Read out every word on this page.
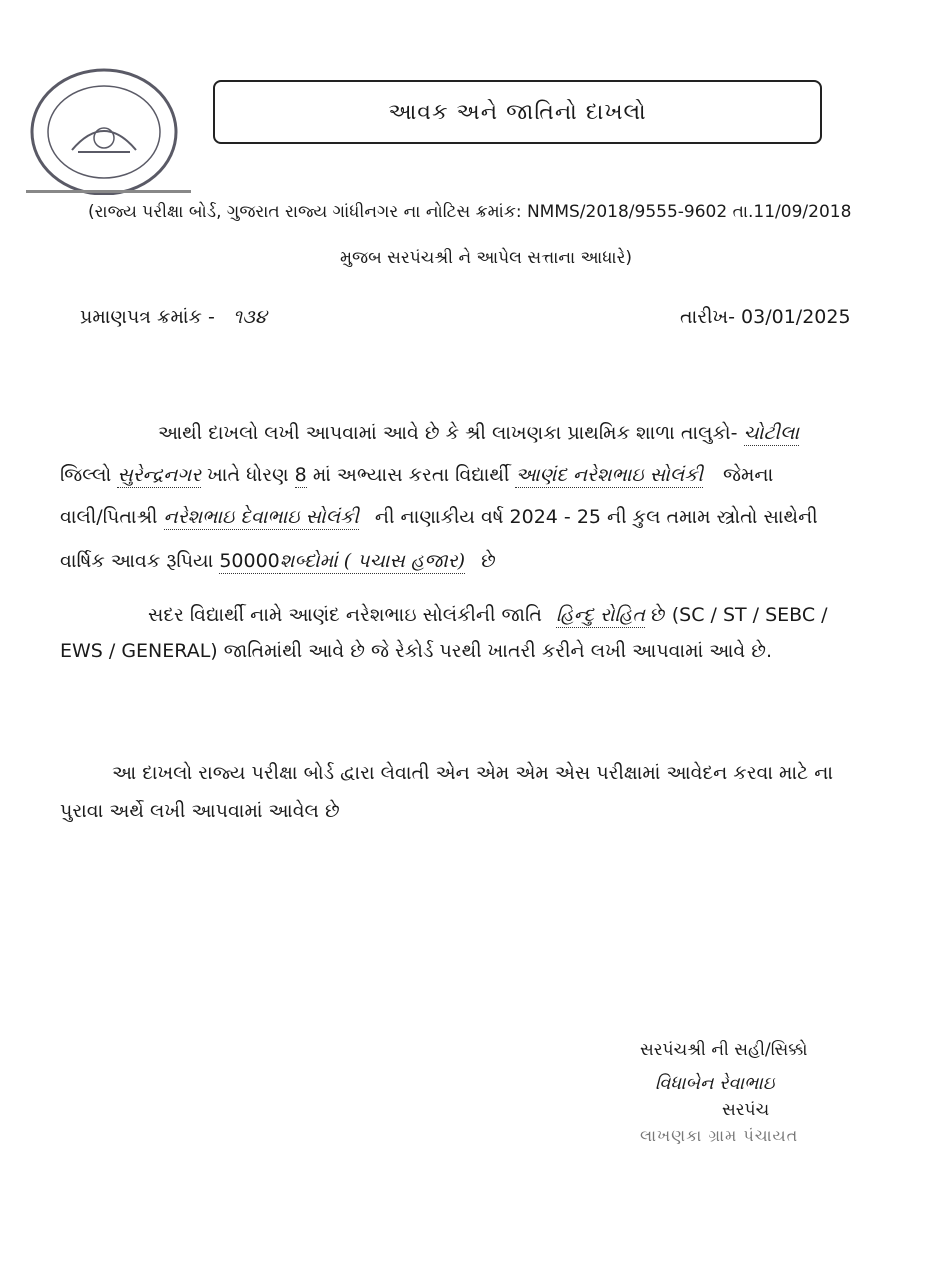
આવક અને જાતિનો દાખલો
(રાજ્ય પરીક્ષા બોર્ડ, ગુજરાત રાજ્ય ગાંધીનગર ના નોટિસ ક્રમાંક: NMMS/2018/9555-9602 તા.11/09/2018
મુજબ સરપંચશ્રી ને આપેલ સત્તાના આધારે)
પ્રમાણપત્ર ક્રમાંક - ૧૩૪	તારીખ- 03/01/2025
આથી દાખલો લખી આપવામાં આવે છે કે શ્રી લાખણકા પ્રાથમિક શાળા તાલુકો- ચોટીલા
જિલ્લો સુરેન્દ્રનગર ખાતે ધોરણ 8 માં અભ્યાસ કરતા વિદ્યાર્થી આણંદ નરેશભાઇ સોલંકી જેમના
વાલી/પિતાશ્રી નરેશભાઇ દેવાભાઇ સોલંકી ની નાણાકીય વર્ષ 2024 - 25 ની કુલ તમામ સ્ત્રોતો સાથેની
વાર્ષિક આવક રૂપિયા 50000શબ્દોમાં ( પચાસ હજાર) છે
સદર વિદ્યાર્થી નામે આણંદ નરેશભાઇ સોલંકીની જાતિ હિન્દુ રોહિત છે (SC / ST / SEBC /
EWS / GENERAL) જાતિમાંથી આવે છે જે રેકોર્ડ પરથી ખાતરી કરીને લખી આપવામાં આવે છે.
આ દાખલો રાજ્ય પરીક્ષા બોર્ડ દ્વારા લેવાતી એન એમ એમ એસ પરીક્ષામાં આવેદન કરવા માટે ના
પુરાવા અર્થે લખી આપવામાં આવેલ છે
સરપંચશ્રી ની સહી/સિક્કો
વિધાબેન રેવાભાઇ
સરપંચ
લાખણકા ગ્રામ પંચાયત
